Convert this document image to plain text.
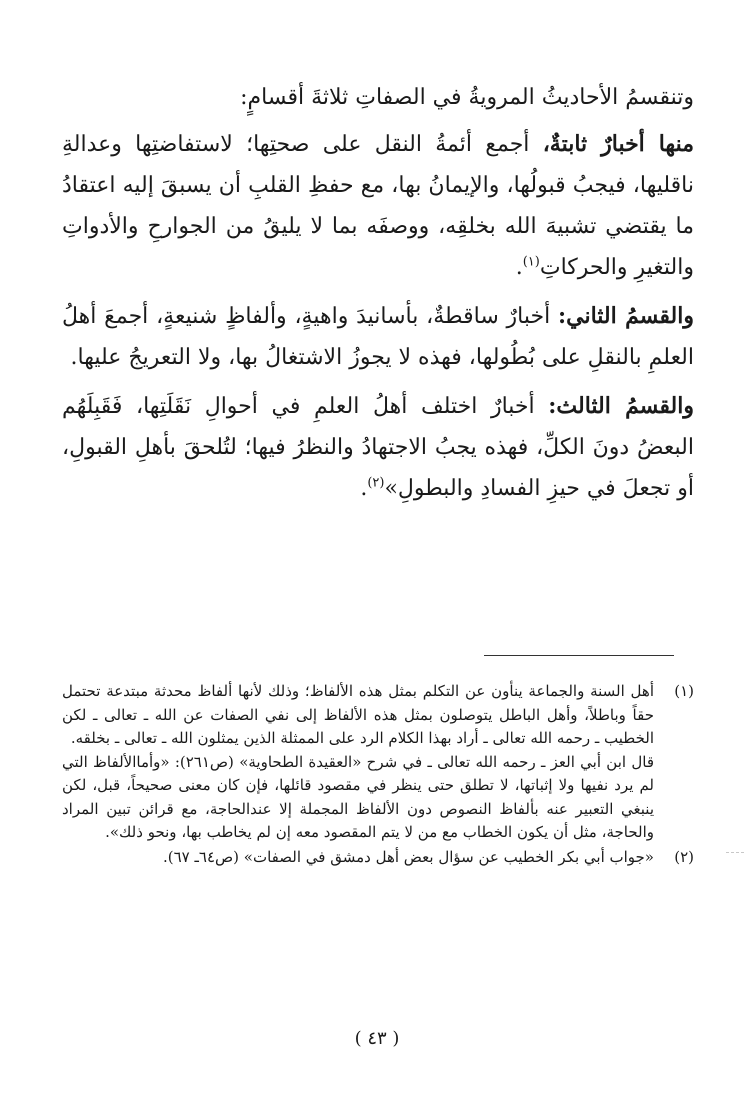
وتنقسمُ الأحاديثُ المرويةُ في الصفاتِ ثلاثةَ أقسامٍ:

منها أخبارٌ ثابتةٌ، أجمع أئمةُ النقل على صحتِها؛ لاستفاضتِها وعدالةِ ناقليها، فيجبُ قبولُها، والإيمانُ بها، مع حفظِ القلبِ أن يسبقَ إليه اعتقادُ ما يقتضي تشبيهَ الله بخلقِه، ووصفَه بما لا يليقُ من الجوارحِ والأدواتِ والتغيرِ والحركاتِ$^{(١)}$.

والقسمُ الثاني: أخبارٌ ساقطةٌ، بأسانيدَ واهيةٍ، وألفاظٍ شنيعةٍ، أجمعَ أهلُ العلمِ بالنقلِ على بُطُولها، فهذه لا يجوزُ الاشتغالُ بها، ولا التعريجُ عليها.

والقسمُ الثالث: أخبارٌ اختلف أهلُ العلمِ في أحوالِ نَقَلَتِها، فَقَبِلَهُم البعضُ دونَ الكلِّ، فهذه يجبُ الاجتهادُ والنظرُ فيها؛ لتُلحقَ بأهلِ القبولِ، أو تجعلَ في حيزِ الفسادِ والبطولِ»$^{(٢)}$.

(١)

أهل السنة والجماعة ينأون عن التكلم بمثل هذه الألفاظ؛ وذلك لأنها ألفاظ محدثة مبتدعة تحتمل حقاً وباطلاً، وأهل الباطل يتوصلون بمثل هذه الألفاظ إلى نفي الصفات عن الله ـ تعالى ـ لكن الخطيب ـ رحمه الله تعالى ـ أراد بهذا الكلام الرد على الممثلة الذين يمثلون الله ـ تعالى ـ بخلقه.

قال ابن أبي العز ـ رحمه الله تعالى ـ في شرح «العقيدة الطحاوية» (ص٢٦١): «وأماالألفاظ التي لم يرد نفيها ولا إثباتها، لا تطلق حتى ينظر في مقصود قائلها، فإن كان معنى صحيحاً، قبل، لكن ينبغي التعبير عنه بألفاظ النصوص دون الألفاظ المجملة إلا عندالحاجة، مع قرائن تبين المراد والحاجة، مثل أن يكون الخطاب مع من لا يتم المقصود معه إن لم يخاطب بها، ونحو ذلك».

(٢)

«جواب أبي بكر الخطيب عن سؤال بعض أهل دمشق في الصفات» (ص٦٤ـ ٦٧).

( ٤٣ )
